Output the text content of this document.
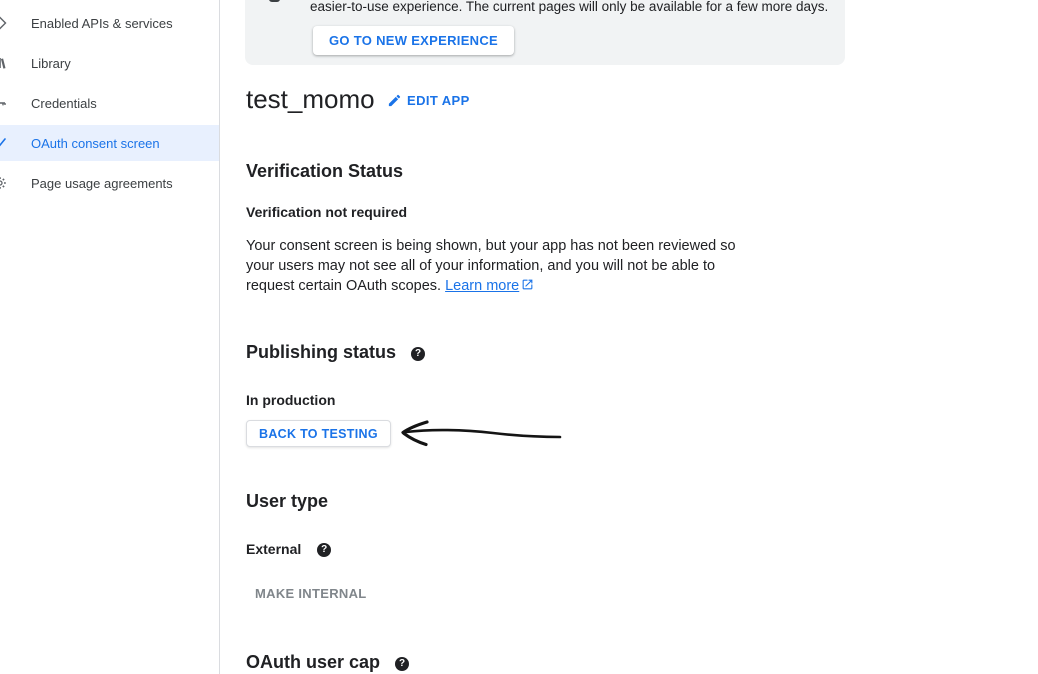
Enabled APIs & services
Library
Credentials
OAuth consent screen
Page usage agreements
easier-to-use experience. The current pages will only be available for a few more days.
GO TO NEW EXPERIENCE
test_momo EDIT APP
Verification Status
Verification not required
Your consent screen is being shown, but your app has not been reviewed so
your users may not see all of your information, and you will not be able to
request certain OAuth scopes. Learn more
Publishing status ?
In production
BACK TO TESTING
User type
External ?
MAKE INTERNAL
OAuth user cap ?
